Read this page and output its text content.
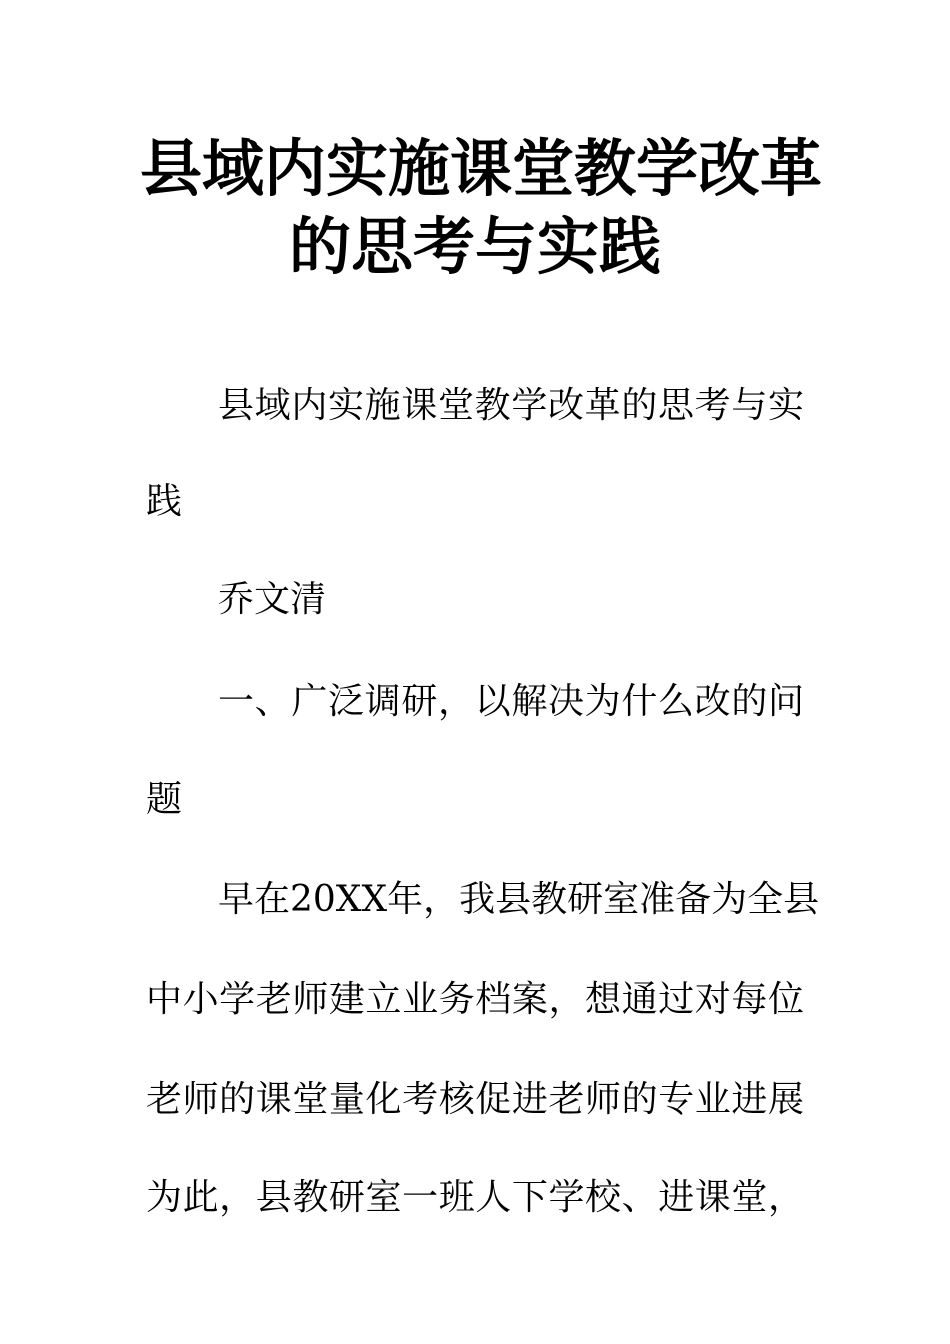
县域内实施课堂教学改革
的思考与实践

县域内实施课堂教学改革的思考与实

践

乔文清

一、广泛调研，以解决为什么改的问

题

早在20XX年，我县教研室准备为全县

中小学老师建立业务档案，想通过对每位

老师的课堂量化考核促进老师的专业进展

为此，县教研室一班人下学校、进课堂，
